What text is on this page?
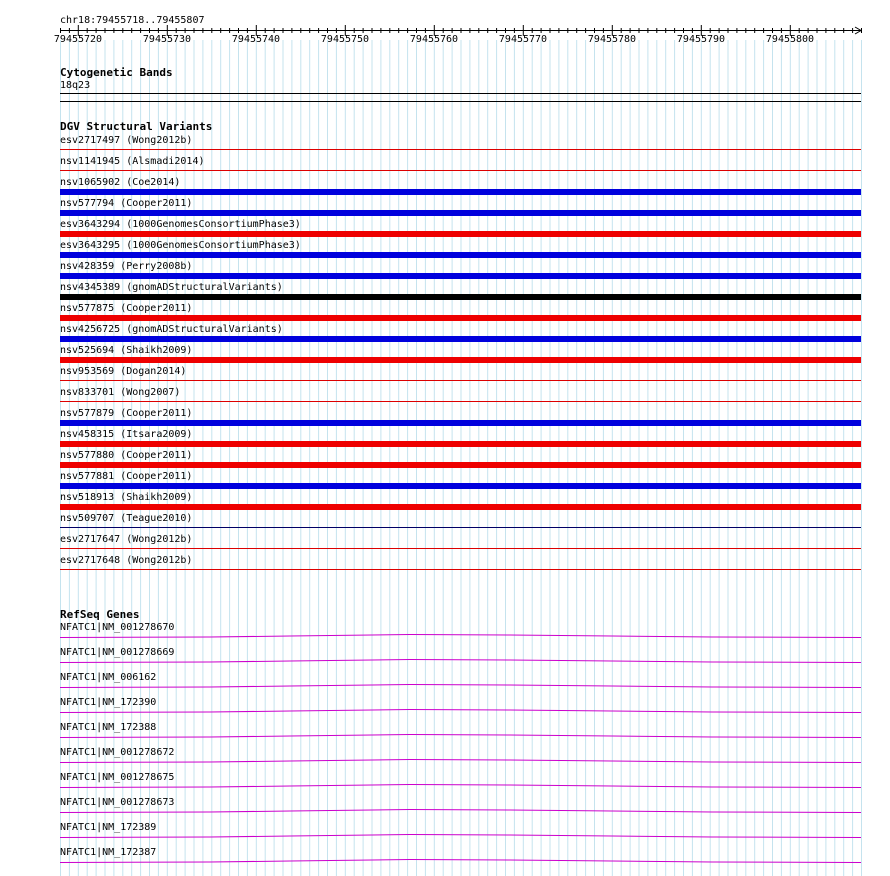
chr18:79455718..79455807
79455720	79455730	79455740	79455750	79455760	79455770	79455780	79455790	79455800
Cytogenetic Bands
18q23
DGV Structural Variants
esv2717497 (Wong2012b)
nsv1141945 (Alsmadi2014)
nsv1065902 (Coe2014)
nsv577794 (Cooper2011)
esv3643294 (1000GenomesConsortiumPhase3)
esv3643295 (1000GenomesConsortiumPhase3)
nsv428359 (Perry2008b)
nsv4345389 (gnomADStructuralVariants)
nsv577875 (Cooper2011)
nsv4256725 (gnomADStructuralVariants)
nsv525694 (Shaikh2009)
nsv953569 (Dogan2014)
nsv833701 (Wong2007)
nsv577879 (Cooper2011)
nsv458315 (Itsara2009)
nsv577880 (Cooper2011)
nsv577881 (Cooper2011)
nsv518913 (Shaikh2009)
nsv509707 (Teague2010)
esv2717647 (Wong2012b)
esv2717648 (Wong2012b)
RefSeq Genes
NFATC1|NM_001278670
NFATC1|NM_001278669
NFATC1|NM_006162
NFATC1|NM_172390
NFATC1|NM_172388
NFATC1|NM_001278672
NFATC1|NM_001278675
NFATC1|NM_001278673
NFATC1|NM_172389
NFATC1|NM_172387
